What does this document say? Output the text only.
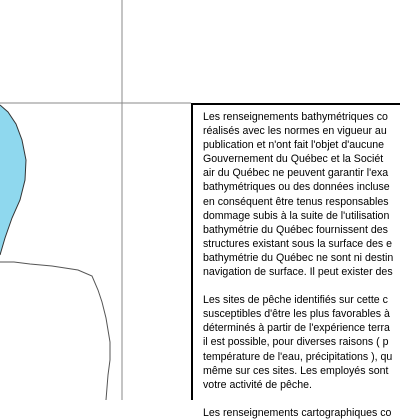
Les renseignements bathymétriques co
réalisés avec les normes en vigueur au
publication et n'ont fait l'objet d'aucune
Gouvernement du Québec et la Sociét
air du Québec ne peuvent garantir l'exa
bathymétriques ou des données incluse
en conséquent être tenus responsables
dommage subis à la suite de l'utilisation
bathymétrie du Québec fournissent des
structures existant sous la surface des e
bathymétrie du Québec ne sont ni destin
navigation de surface. Il peut exister des

Les sites de pêche identifiés sur cette c
susceptibles d'être les plus favorables à
déterminés à partir de l'expérience terra
il est possible, pour diverses raisons ( p
température de l'eau, précipitations ), qu
même sur ces sites. Les employés sont
votre activité de pêche.

Les renseignements cartographiques co
